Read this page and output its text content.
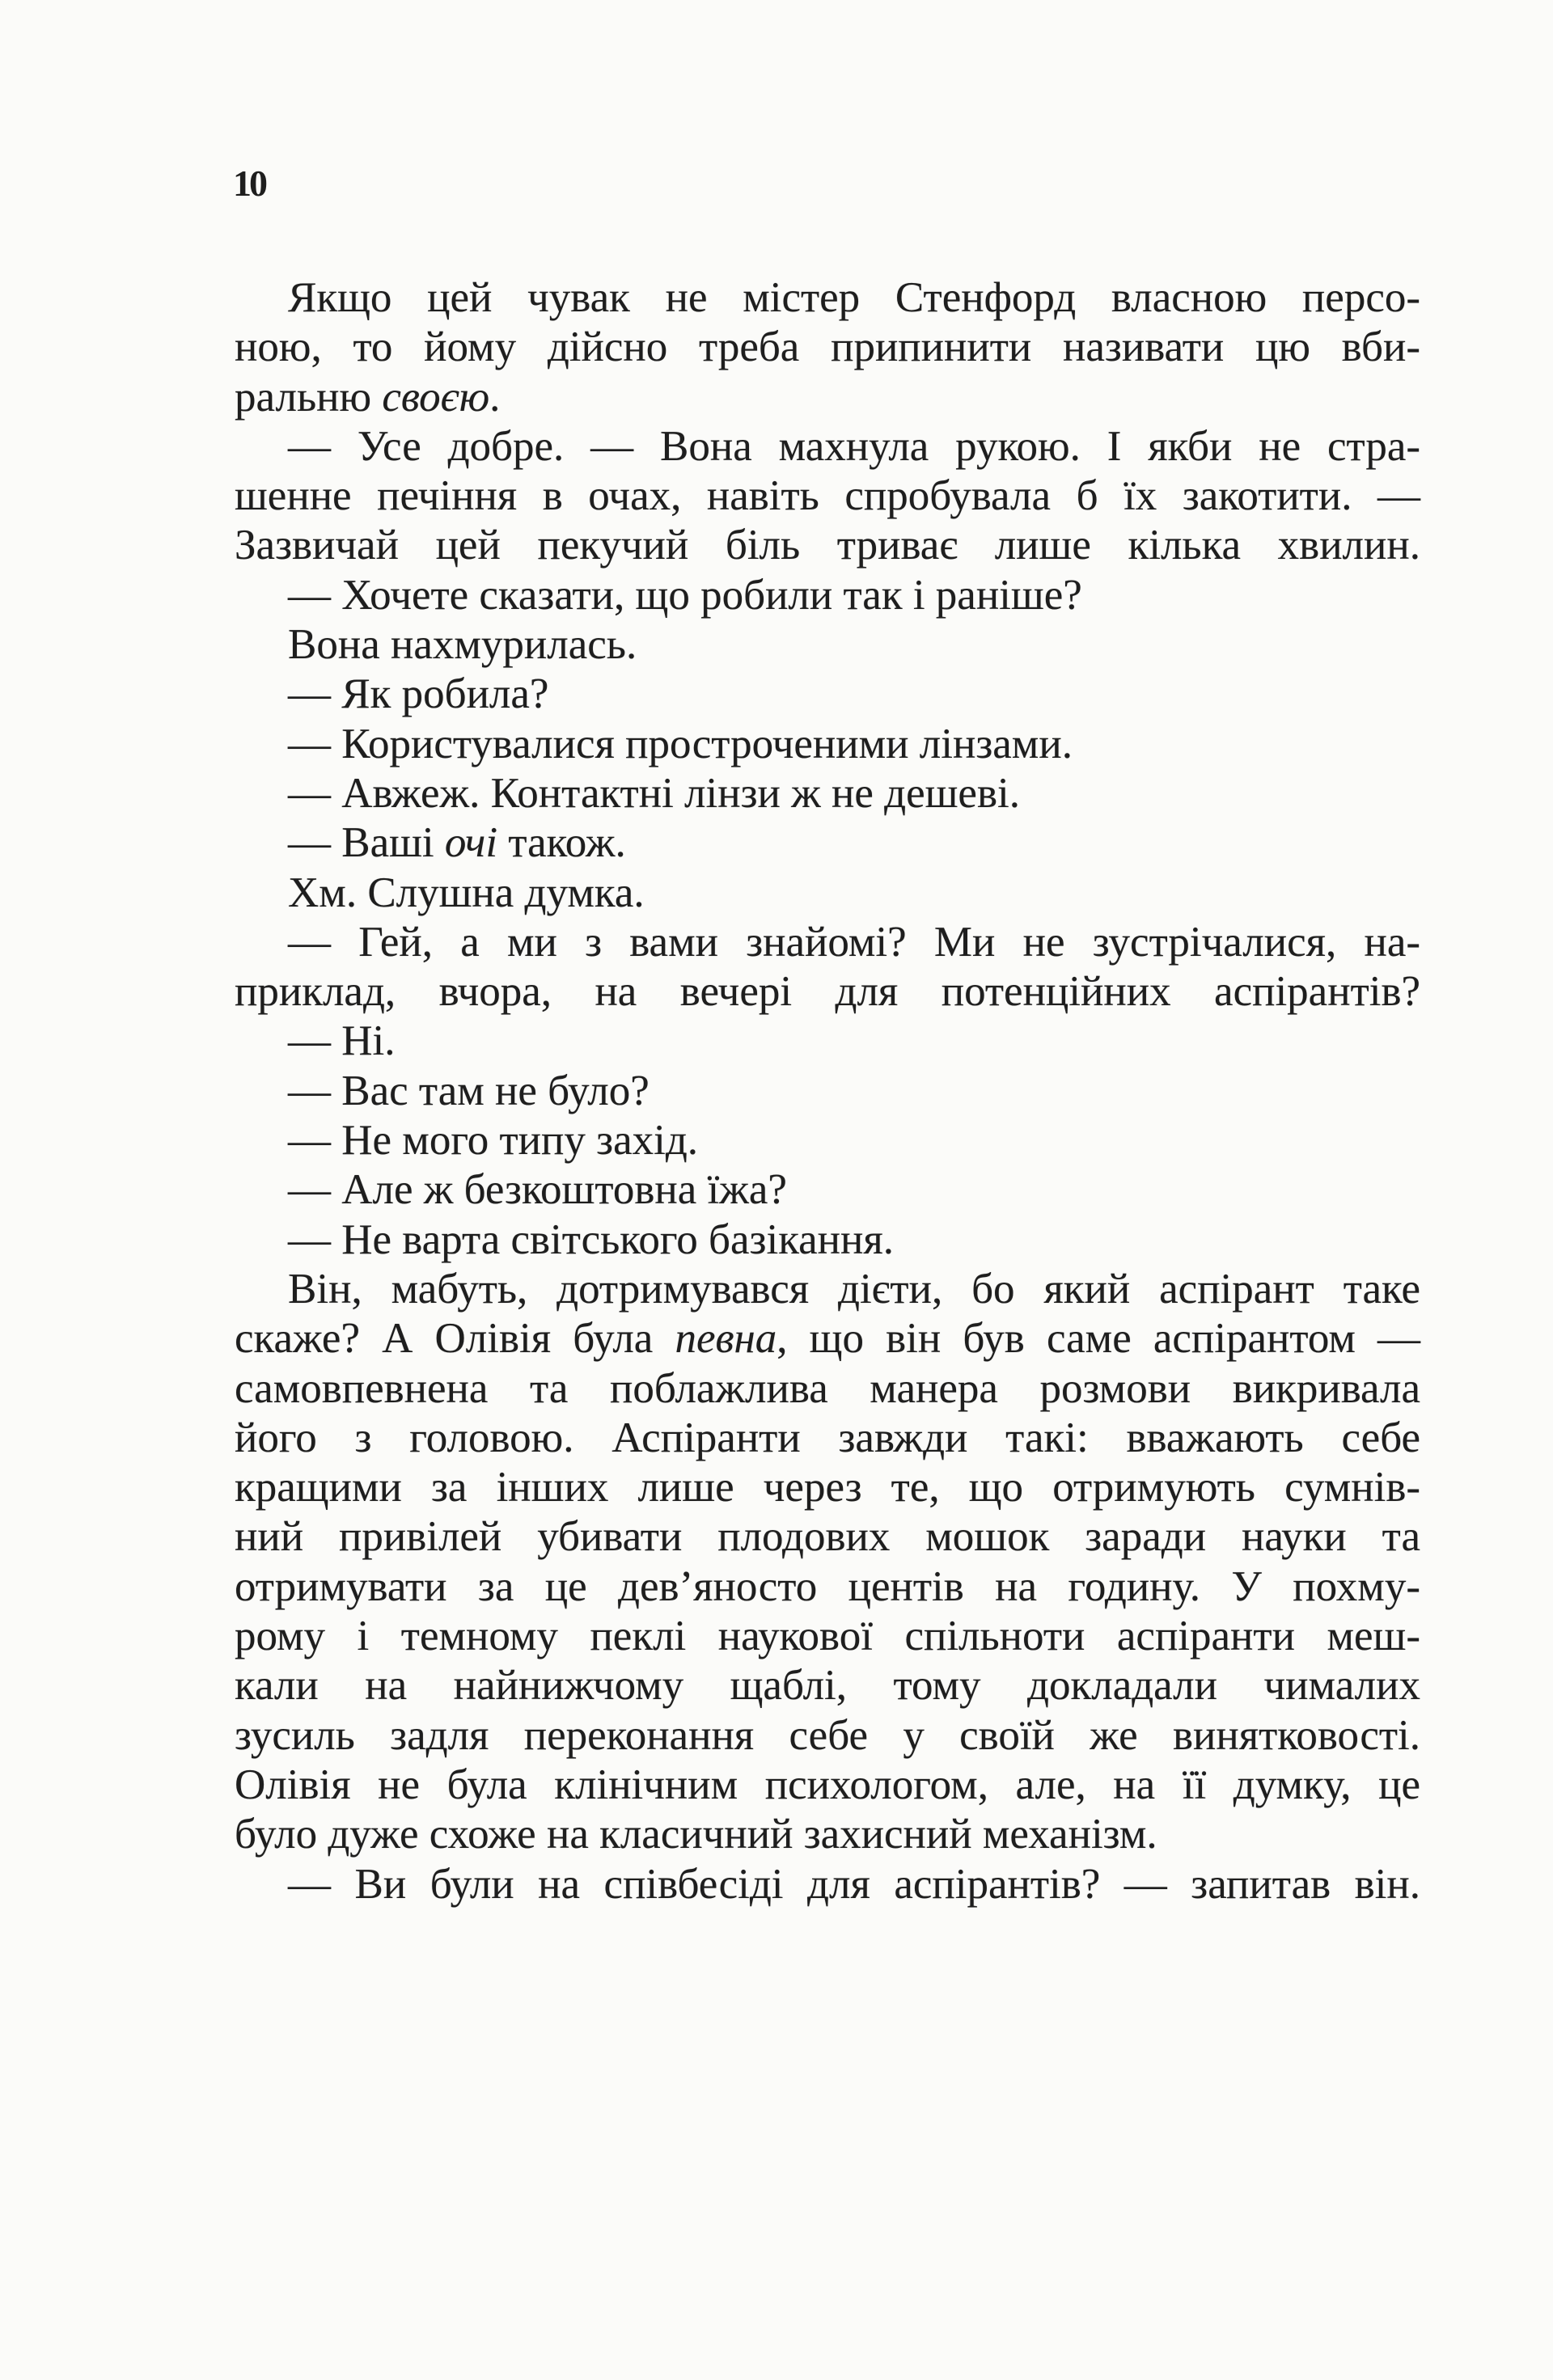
10
Якщо цей чувак не містер Стенфорд власною персо-
ною, то йому дійсно треба припинити називати цю вби-
ральню своєю.
— Усе добре. — Вона махнула рукою. І якби не стра-
шенне печіння в очах, навіть спробувала б їх закотити. —
Зазвичай цей пекучий біль триває лише кілька хвилин.
— Хочете сказати, що робили так і раніше?
Вона нахмурилась.
— Як робила?
— Користувалися простроченими лінзами.
— Авжеж. Контактні лінзи ж не дешеві.
— Ваші очі також.
Хм. Слушна думка.
— Гей, а ми з вами знайомі? Ми не зустрічалися, на-
приклад, вчора, на вечері для потенційних аспірантів?
— Ні.
— Вас там не було?
— Не мого типу захід.
— Але ж безкоштовна їжа?
— Не варта світського базікання.
Він, мабуть, дотримувався дієти, бо який аспірант таке
скаже? А Олівія була певна, що він був саме аспірантом —
самовпевнена та поблажлива манера розмови викривала
його з головою. Аспіранти завжди такі: вважають себе
кращими за інших лише через те, що отримують сумнів-
ний привілей убивати плодових мошок заради науки та
отримувати за це дев’яносто центів на годину. У похму-
рому і темному пеклі наукової спільноти аспіранти меш-
кали на найнижчому щаблі, тому докладали чималих
зусиль задля переконання себе у своїй же винятковості.
Олівія не була клінічним психологом, але, на її думку, це
було дуже схоже на класичний захисний механізм.
— Ви були на співбесіді для аспірантів? — запитав він.
